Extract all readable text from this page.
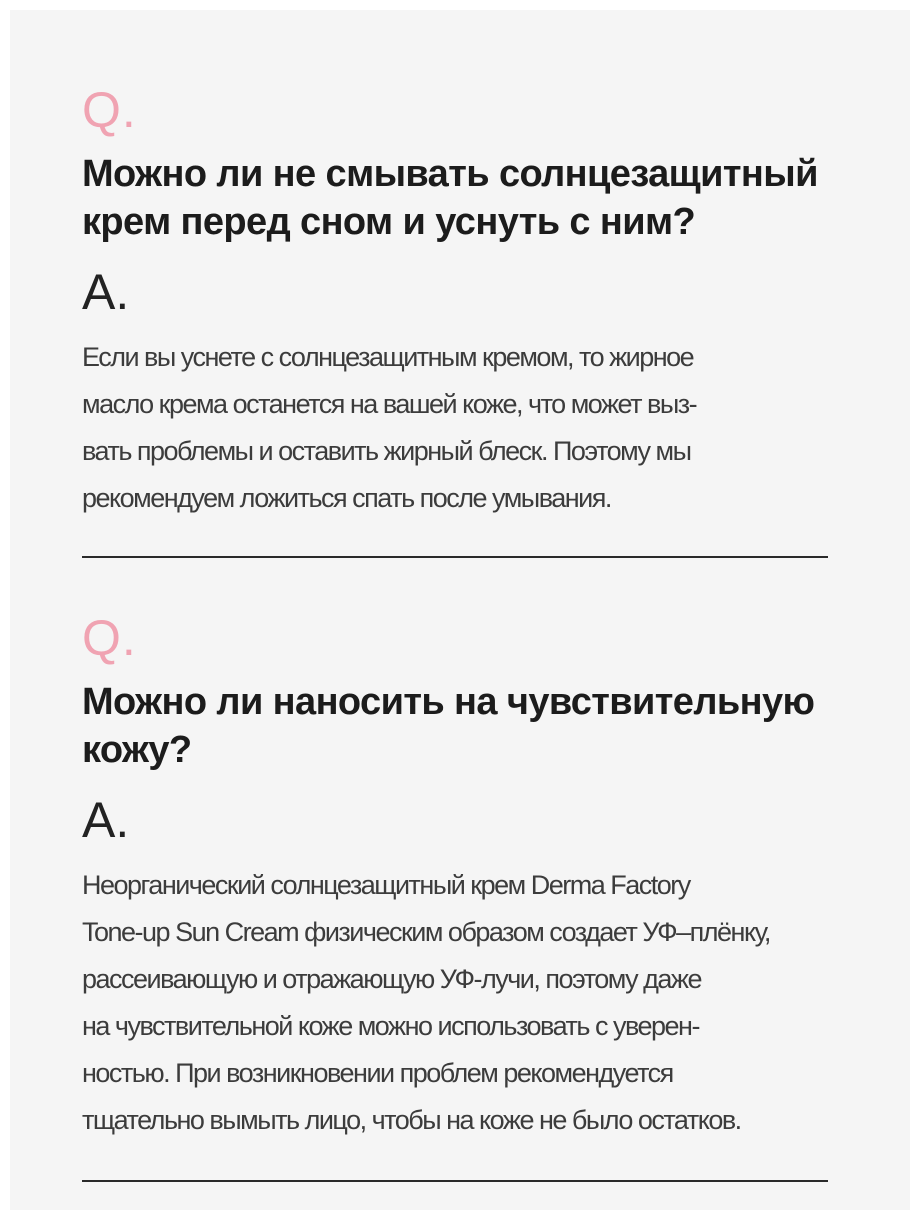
Q.
Можно ли не смывать солнцезащитный крем перед сном и уснуть с ним?
A.
Если вы уснете с солнцезащитным кремом, то жирное
масло крема останется на вашей коже, что может выз-
вать проблемы и оставить жирный блеск. Поэтому мы
рекомендуем ложиться спать после умывания.
Q.
Можно ли наносить на чувствительную кожу?
A.
Неорганический солнцезащитный крем Derma Factory
Tone-up Sun Cream физическим образом создает УФ–плёнку,
рассеивающую и отражающую УФ-лучи, поэтому даже
на чувствительной коже можно использовать с уверен-
ностью. При возникновении проблем рекомендуется
тщательно вымыть лицо, чтобы на коже не было остатков.
